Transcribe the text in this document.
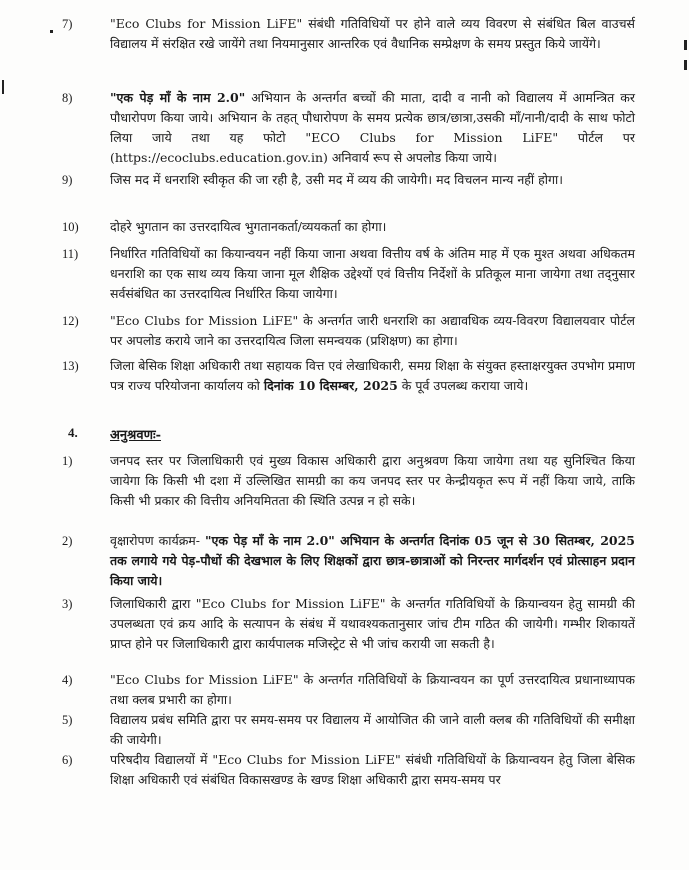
7)	"Eco Clubs for Mission LiFE" संबंधी गतिविधियों पर होने वाले व्यय विवरण से संबंधित बिल वाउचर्स विद्यालय में संरक्षित रखे जायेंगे तथा नियमानुसार आन्तरिक एवं वैधानिक सम्प्रेक्षण के समय प्रस्तुत किये जायेंगे।
8)	"एक पेड़ माँ के नाम 2.0" अभियान के अन्तर्गत बच्चों की माता, दादी व नानी को विद्यालय में आमन्त्रित कर पौधारोपण किया जाये। अभियान के तहत् पौधारोपण के समय प्रत्येक छात्र/छात्रा,उसकी माँ/नानी/दादी के साथ फोटो लिया जाये तथा यह फोटो "ECO Clubs for Mission LiFE" पोर्टल पर (https://ecoclubs.education.gov.in) अनिवार्य रूप से अपलोड किया जाये।
9)	जिस मद में धनराशि स्वीकृत की जा रही है, उसी मद में व्यय की जायेगी। मद विचलन मान्य नहीं होगा।
10)	दोहरे भुगतान का उत्तरदायित्व भुगतानकर्ता/व्ययकर्ता का होगा।
11)	निर्धारित गतिविधियों का कियान्वयन नहीं किया जाना अथवा वित्तीय वर्ष के अंतिम माह में एक मुश्त अथवा अधिकतम धनराशि का एक साथ व्यय किया जाना मूल शैक्षिक उद्देश्यों एवं वित्तीय निर्देशों के प्रतिकूल माना जायेगा तथा तद्नुसार सर्वसंबंधित का उत्तरदायित्व निर्धारित किया जायेगा।
12)	"Eco Clubs for Mission LiFE" के अन्तर्गत जारी धनराशि का अद्यावधिक व्यय-विवरण विद्यालयवार पोर्टल पर अपलोड कराये जाने का उत्तरदायित्व जिला समन्वयक (प्रशिक्षण) का होगा।
13)	जिला बेसिक शिक्षा अधिकारी तथा सहायक वित्त एवं लेखाधिकारी, समग्र शिक्षा के संयुक्त हस्ताक्षरयुक्त उपभोग प्रमाण पत्र राज्य परियोजना कार्यालय को दिनांक 10 दिसम्बर, 2025 के पूर्व उपलब्ध कराया जाये।
4. अनुश्रवणः-
1)	जनपद स्तर पर जिलाधिकारी एवं मुख्य विकास अधिकारी द्वारा अनुश्रवण किया जायेगा तथा यह सुनिश्चित किया जायेगा कि किसी भी दशा में उल्लिखित सामग्री का कय जनपद स्तर पर केन्द्रीयकृत रूप में नहीं किया जाये, ताकि किसी भी प्रकार की वित्तीय अनियमितता की स्थिति उत्पन्न न हो सके।
2)	वृक्षारोपण कार्यक्रम- "एक पेड़ माँ के नाम 2.0" अभियान के अन्तर्गत दिनांक 05 जून से 30 सितम्बर, 2025 तक लगाये गये पेड़-पौधों की देखभाल के लिए शिक्षकों द्वारा छात्र-छात्राओं को निरन्तर मार्गदर्शन एवं प्रोत्साहन प्रदान किया जाये।
3)	जिलाधिकारी द्वारा "Eco Clubs for Mission LiFE" के अन्तर्गत गतिविधियों के क्रियान्वयन हेतु सामग्री की उपलब्धता एवं क्रय आदि के सत्यापन के संबंध में यथावश्यकतानुसार जांच टीम गठित की जायेगी। गम्भीर शिकायतें प्राप्त होने पर जिलाधिकारी द्वारा कार्यपालक मजिस्ट्रेट से भी जांच करायी जा सकती है।
4)	"Eco Clubs for Mission LiFE" के अन्तर्गत गतिविधियों के क्रियान्वयन का पूर्ण उत्तरदायित्व प्रधानाध्यापक तथा क्लब प्रभारी का होगा।
5)	विद्यालय प्रबंध समिति द्वारा पर समय-समय पर विद्यालय में आयोजित की जाने वाली क्लब की गतिविधियों की समीक्षा की जायेगी।
6)	परिषदीय विद्यालयों में "Eco Clubs for Mission LiFE" संबंधी गतिविधियों के क्रियान्वयन हेतु जिला बेसिक शिक्षा अधिकारी एवं संबंधित विकासखण्ड के खण्ड शिक्षा अधिकारी द्वारा समय-समय पर
